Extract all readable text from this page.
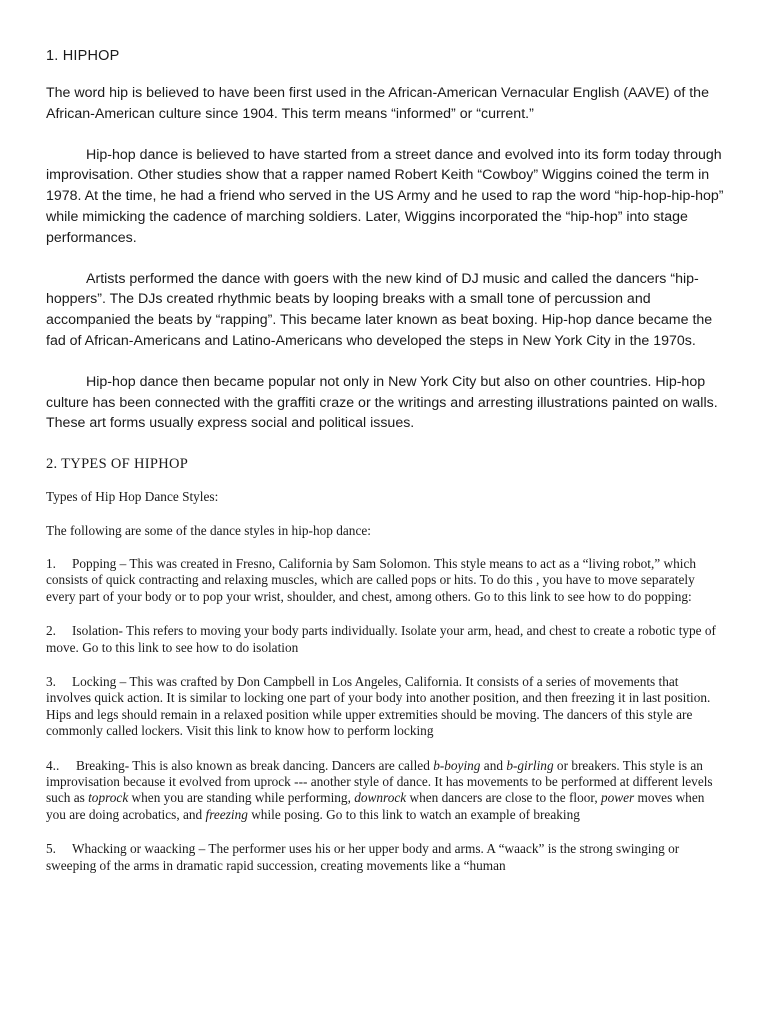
1. HIPHOP

The word hip is believed to have been first used in the African-American Vernacular English (AAVE) of the African-American culture since 1904. This term means “informed” or “current.”

Hip-hop dance is believed to have started from a street dance and evolved into its form today through improvisation. Other studies show that a rapper named Robert Keith “Cowboy” Wiggins coined the term in 1978. At the time, he had a friend who served in the US Army and he used to rap the word “hip-hop-hip-hop” while mimicking the cadence of marching soldiers. Later, Wiggins incorporated the “hip-hop” into stage performances.

Artists performed the dance with goers with the new kind of DJ music and called the dancers “hip-hoppers”. The DJs created rhythmic beats by looping breaks with a small tone of percussion and accompanied the beats by “rapping”. This became later known as beat boxing. Hip-hop dance became the fad of African-Americans and Latino-Americans who developed the steps in New York City in the 1970s.

Hip-hop dance then became popular not only in New York City but also on other countries. Hip-hop culture has been connected with the graffiti craze or the writings and arresting illustrations painted on walls. These art forms usually express social and political issues.

2. TYPES OF HIPHOP

Types of Hip Hop Dance Styles:

The following are some of the dance styles in hip-hop dance:

1. Popping – This was created in Fresno, California by Sam Solomon. This style means to act as a “living robot,” which consists of quick contracting and relaxing muscles, which are called pops or hits. To do this , you have to move separately every part of your body or to pop your wrist, shoulder, and chest, among others. Go to this link to see how to do popping:

2. Isolation- This refers to moving your body parts individually. Isolate your arm, head, and chest to create a robotic type of move. Go to this link to see how to do isolation

3. Locking – This was crafted by Don Campbell in Los Angeles, California. It consists of a series of movements that involves quick action. It is similar to locking one part of your body into another position, and then freezing it in last position. Hips and legs should remain in a relaxed position while upper extremities should be moving. The dancers of this style are commonly called lockers. Visit this link to know how to perform locking

4.. Breaking- This is also known as break dancing. Dancers are called b-boying and b-girling or breakers. This style is an improvisation because it evolved from uprock --- another style of dance. It has movements to be performed at different levels such as toprock when you are standing while performing, downrock when dancers are close to the floor, power moves when you are doing acrobatics, and freezing while posing. Go to this link to watch an example of breaking

5. Whacking or waacking – The performer uses his or her upper body and arms. A “waack” is the strong swinging or sweeping of the arms in dramatic rapid succession, creating movements like a “human
